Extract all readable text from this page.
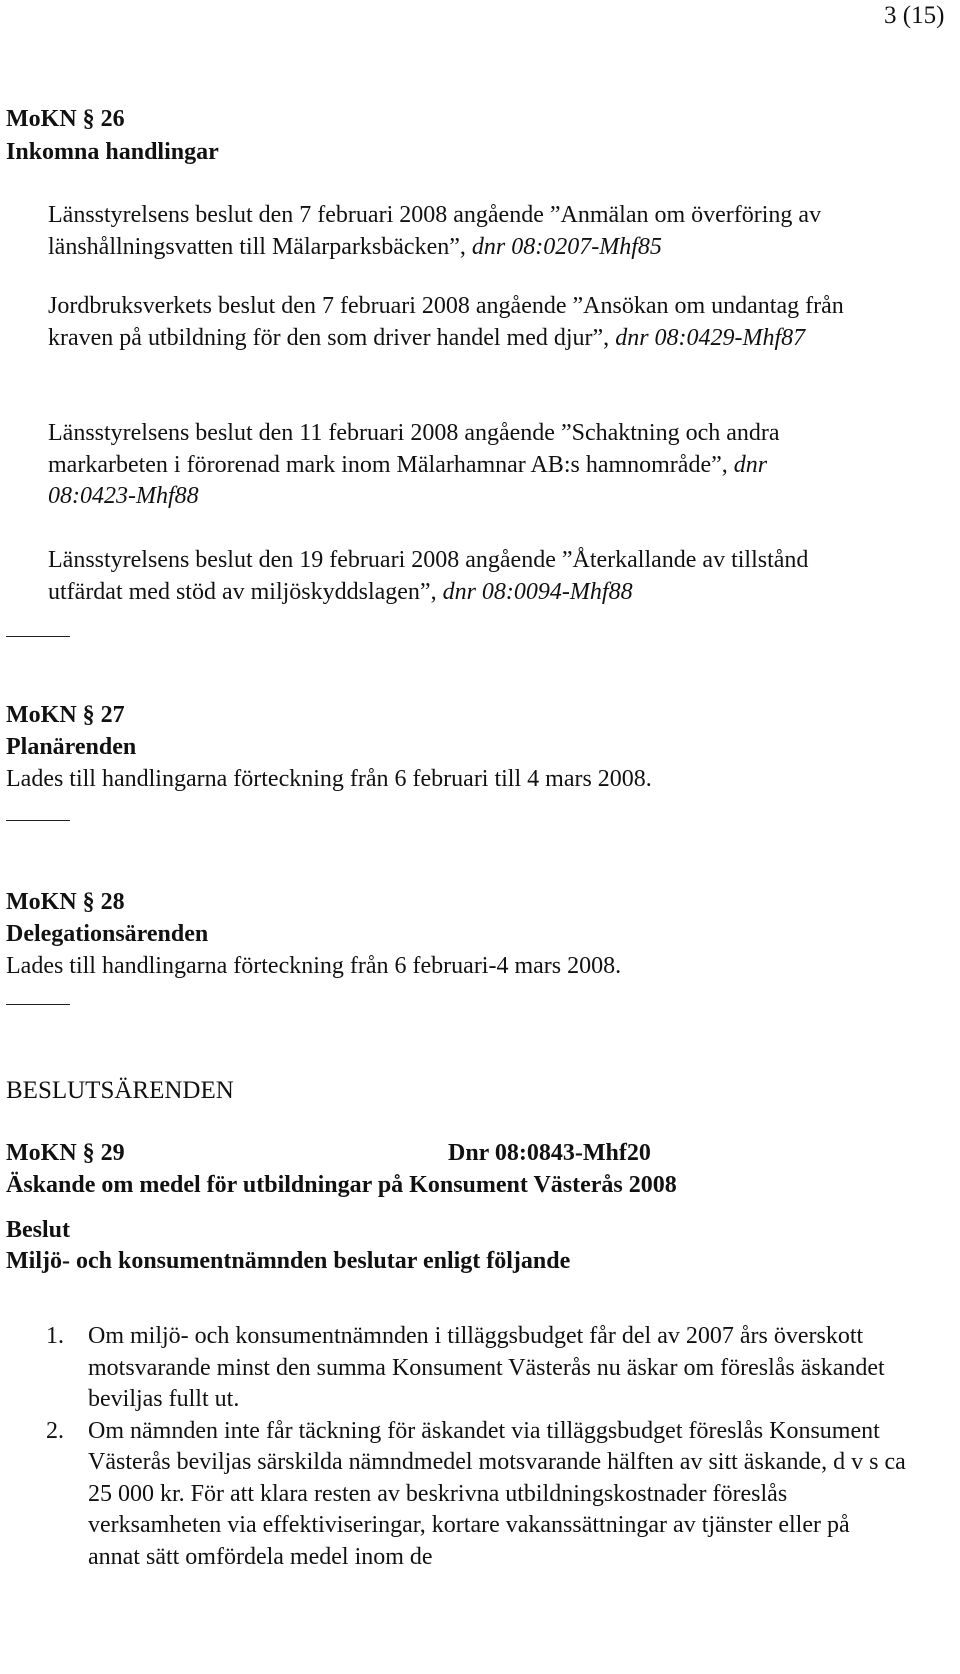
3 (15)
MoKN § 26
Inkomna handlingar
Länsstyrelsens beslut den 7 februari 2008 angående ”Anmälan om överföring av länshållningsvatten till Mälarparksbäcken”, dnr 08:0207-Mhf85
Jordbruksverkets beslut den 7 februari 2008 angående ”Ansökan om undantag från kraven på utbildning för den som driver handel med djur”, dnr 08:0429-Mhf87
Länsstyrelsens beslut den 11 februari 2008 angående ”Schaktning och andra markarbeten i förorenad mark inom Mälarhamnar AB:s hamnområde”, dnr 08:0423-Mhf88
Länsstyrelsens beslut den 19 februari 2008 angående ”Återkallande av tillstånd utfärdat med stöd av miljöskyddslagen”, dnr 08:0094-Mhf88
MoKN § 27
Planärenden
Lades till handlingarna förteckning från 6 februari till 4 mars 2008.
MoKN § 28
Delegationsärenden
Lades till handlingarna förteckning från 6 februari-4 mars 2008.
BESLUTSÄRENDEN
MoKN § 29	Dnr 08:0843-Mhf20
Äskande om medel för utbildningar på Konsument Västerås 2008
Beslut
Miljö- och konsumentnämnden beslutar enligt följande
1.	Om miljö- och konsumentnämnden i tilläggsbudget får del av 2007 års överskott motsvarande minst den summa Konsument Västerås nu äskar om föreslås äskandet beviljas fullt ut.
2.	Om nämnden inte får täckning för äskandet via tilläggsbudget föreslås Konsument Västerås beviljas särskilda nämndmedel motsvarande hälften av sitt äskande, d v s ca 25 000 kr. För att klara resten av beskrivna utbildningskostnader föreslås verksamheten via effektiviseringar, kortare vakanssättningar av tjänster eller på annat sätt omfördela medel inom de
